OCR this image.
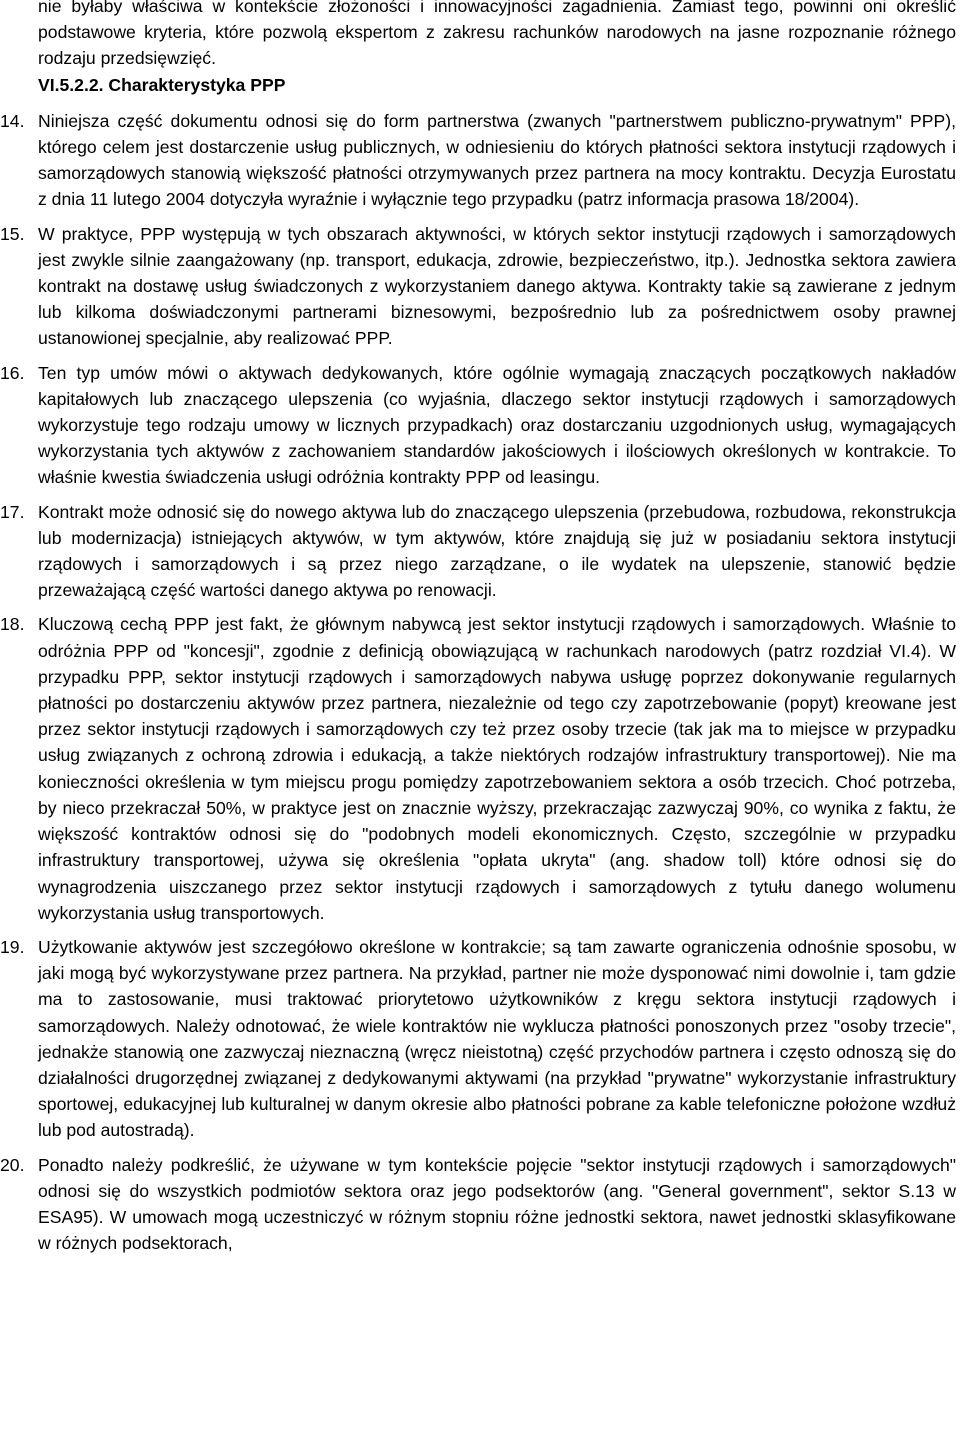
nie byłaby właściwa w kontekście złożoności i innowacyjności zagadnienia. Zamiast tego, powinni oni określić podstawowe kryteria, które pozwolą ekspertom z zakresu rachunków narodowych na jasne rozpoznanie różnego rodzaju przedsięwzięć.

VI.5.2.2. Charakterystyka PPP

14. Niniejsza część dokumentu odnosi się do form partnerstwa (zwanych "partnerstwem publiczno-prywatnym" PPP), którego celem jest dostarczenie usług publicznych, w odniesieniu do których płatności sektora instytucji rządowych i samorządowych stanowią większość płatności otrzymywanych przez partnera na mocy kontraktu. Decyzja Eurostatu z dnia 11 lutego 2004 dotyczyła wyraźnie i wyłącznie tego przypadku (patrz informacja prasowa 18/2004).
15. W praktyce, PPP występują w tych obszarach aktywności, w których sektor instytucji rządowych i samorządowych jest zwykle silnie zaangażowany (np. transport, edukacja, zdrowie, bezpieczeństwo, itp.). Jednostka sektora zawiera kontrakt na dostawę usług świadczonych z wykorzystaniem danego aktywa. Kontrakty takie są zawierane z jednym lub kilkoma doświadczonymi partnerami biznesowymi, bezpośrednio lub za pośrednictwem osoby prawnej ustanowionej specjalnie, aby realizować PPP.
16. Ten typ umów mówi o aktywach dedykowanych, które ogólnie wymagają znaczących początkowych nakładów kapitałowych lub znaczącego ulepszenia (co wyjaśnia, dlaczego sektor instytucji rządowych i samorządowych wykorzystuje tego rodzaju umowy w licznych przypadkach) oraz dostarczaniu uzgodnionych usług, wymagających wykorzystania tych aktywów z zachowaniem standardów jakościowych i ilościowych określonych w kontrakcie. To właśnie kwestia świadczenia usługi odróżnia kontrakty PPP od leasingu.
17. Kontrakt może odnosić się do nowego aktywa lub do znaczącego ulepszenia (przebudowa, rozbudowa, rekonstrukcja lub modernizacja) istniejących aktywów, w tym aktywów, które znajdują się już w posiadaniu sektora instytucji rządowych i samorządowych i są przez niego zarządzane, o ile wydatek na ulepszenie, stanowić będzie przeważającą część wartości danego aktywa po renowacji.
18. Kluczową cechą PPP jest fakt, że głównym nabywcą jest sektor instytucji rządowych i samorządowych. Właśnie to odróżnia PPP od "koncesji", zgodnie z definicją obowiązującą w rachunkach narodowych (patrz rozdział VI.4). W przypadku PPP, sektor instytucji rządowych i samorządowych nabywa usługę poprzez dokonywanie regularnych płatności po dostarczeniu aktywów przez partnera, niezależnie od tego czy zapotrzebowanie (popyt) kreowane jest przez sektor instytucji rządowych i samorządowych czy też przez osoby trzecie (tak jak ma to miejsce w przypadku usług związanych z ochroną zdrowia i edukacją, a także niektórych rodzajów infrastruktury transportowej). Nie ma konieczności określenia w tym miejscu progu pomiędzy zapotrzebowaniem sektora a osób trzecich. Choć potrzeba, by nieco przekraczał 50%, w praktyce jest on znacznie wyższy, przekraczając zazwyczaj 90%, co wynika z faktu, że większość kontraktów odnosi się do "podobnych modeli ekonomicznych. Często, szczególnie w przypadku infrastruktury transportowej, używa się określenia "opłata ukryta" (ang. shadow toll) które odnosi się do wynagrodzenia uiszczanego przez sektor instytucji rządowych i samorządowych z tytułu danego wolumenu wykorzystania usług transportowych.
19. Użytkowanie aktywów jest szczegółowo określone w kontrakcie; są tam zawarte ograniczenia odnośnie sposobu, w jaki mogą być wykorzystywane przez partnera. Na przykład, partner nie może dysponować nimi dowolnie i, tam gdzie ma to zastosowanie, musi traktować priorytetowo użytkowników z kręgu sektora instytucji rządowych i samorządowych. Należy odnotować, że wiele kontraktów nie wyklucza płatności ponoszonych przez "osoby trzecie", jednakże stanowią one zazwyczaj nieznaczną (wręcz nieistotną) część przychodów partnera i często odnoszą się do działalności drugorzędnej związanej z dedykowanymi aktywami (na przykład "prywatne" wykorzystanie infrastruktury sportowej, edukacyjnej lub kulturalnej w danym okresie albo płatności pobrane za kable telefoniczne położone wzdłuż lub pod autostradą).
20. Ponadto należy podkreślić, że używane w tym kontekście pojęcie "sektor instytucji rządowych i samorządowych" odnosi się do wszystkich podmiotów sektora oraz jego podsektorów (ang. "General government", sektor S.13 w ESA95). W umowach mogą uczestniczyć w różnym stopniu różne jednostki sektora, nawet jednostki sklasyfikowane w różnych podsektorach,
